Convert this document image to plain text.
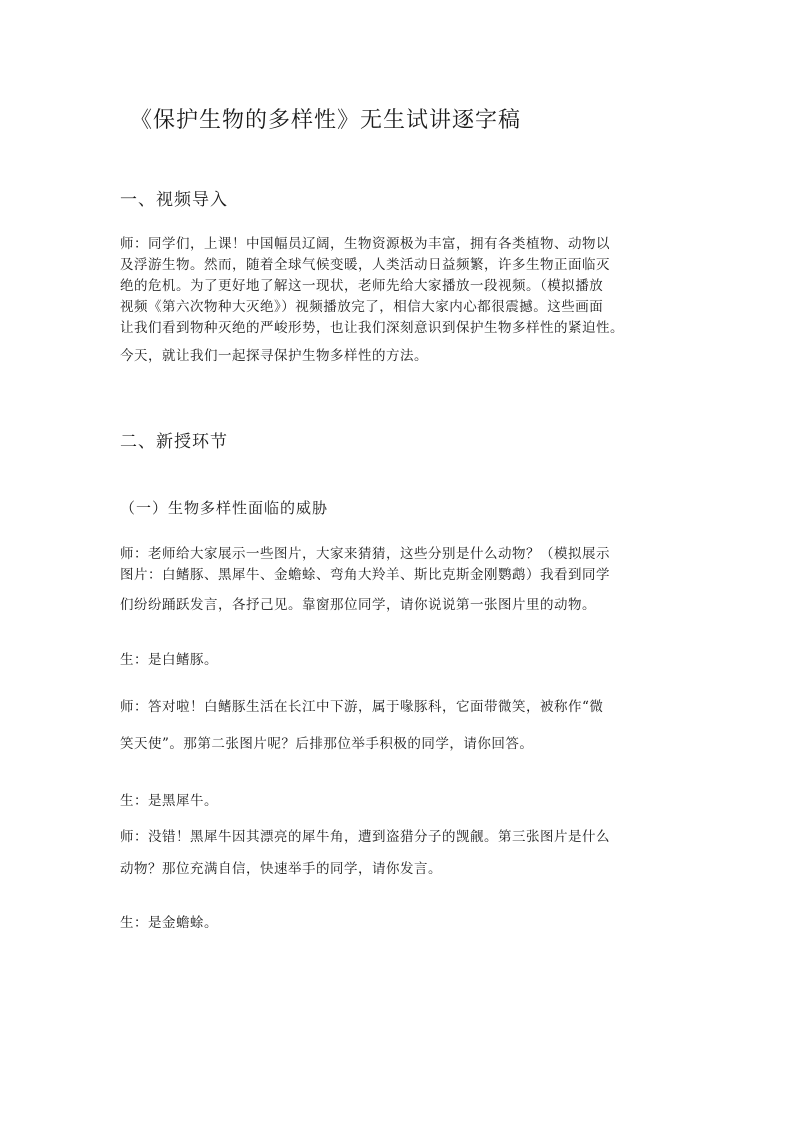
《保护生物的多样性》无生试讲逐字稿
一、视频导入
师：同学们，上课！中国幅员辽阔，生物资源极为丰富，拥有各类植物、动物以
及浮游生物。然而，随着全球气候变暖，人类活动日益频繁，许多生物正面临灭
绝的危机。为了更好地了解这一现状，老师先给大家播放一段视频。（模拟播放
视频《第六次物种大灭绝》）视频播放完了，相信大家内心都很震撼。这些画面
让我们看到物种灭绝的严峻形势，也让我们深刻意识到保护生物多样性的紧迫性。
今天，就让我们一起探寻保护生物多样性的方法。
二、新授环节
（一）生物多样性面临的威胁
师：老师给大家展示一些图片，大家来猜猜，这些分别是什么动物？（模拟展示
图片：白鳍豚、黑犀牛、金蟾蜍、弯角大羚羊、斯比克斯金刚鹦鹉）我看到同学
们纷纷踊跃发言，各抒己见。靠窗那位同学，请你说说第一张图片里的动物。
生：是白鳍豚。
师：答对啦！白鳍豚生活在长江中下游，属于喙豚科，它面带微笑，被称作“微
笑天使”。那第二张图片呢？后排那位举手积极的同学，请你回答。
生：是黑犀牛。
师：没错！黑犀牛因其漂亮的犀牛角，遭到盗猎分子的觊觎。第三张图片是什么
动物？那位充满自信，快速举手的同学，请你发言。
生：是金蟾蜍。
